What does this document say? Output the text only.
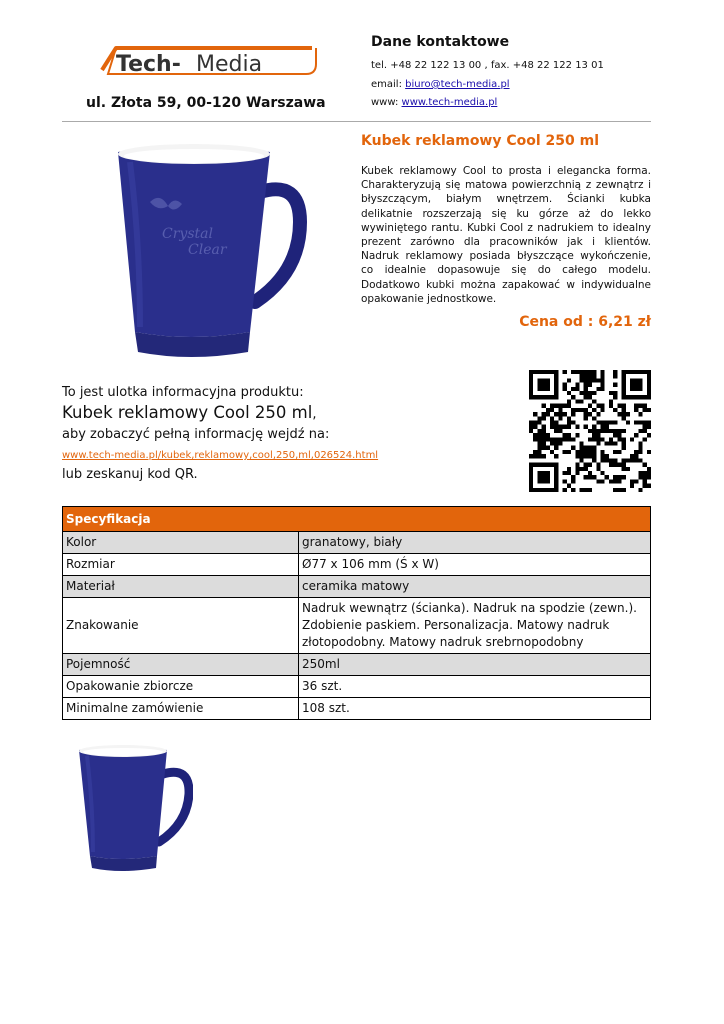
Tech- Media
ul. Złota 59, 00-120 Warszawa
Dane kontaktowe
tel. +48 22 122 13 00 , fax. +48 22 122 13 01
email: biuro@tech-media.pl
www: www.tech-media.pl
Crystal
Clear
Kubek reklamowy Cool 250 ml
Kubek reklamowy Cool to prosta i elegancka forma. Charakteryzują się matowa powierzchnią z zewnątrz i błyszczącym, białym wnętrzem. Ścianki kubka delikatnie rozszerzają się ku górze aż do lekko wywiniętego rantu. Kubki Cool z nadrukiem to idealny prezent zarówno dla pracowników jak i klientów. Nadruk reklamowy posiada błyszczące wykończenie, co idealnie dopasowuje się do całego modelu. Dodatkowo kubki można zapakować w indywidualne opakowanie jednostkowe.
Cena od : 6,21 zł
To jest ulotka informacyjna produktu:
Kubek reklamowy Cool 250 ml,
aby zobaczyć pełną informację wejdź na:
www.tech-media.pl/kubek,reklamowy,cool,250,ml,026524.html
lub zeskanuj kod QR.
Specyfikacja	
Kolor	granatowy, biały
Rozmiar	Ø77 x 106 mm (Ś x W)
Materiał	ceramika matowy
Znakowanie	Nadruk wewnątrz (ścianka). Nadruk na spodzie (zewn.). Zdobienie paskiem. Personalizacja. Matowy nadruk złotopodobny. Matowy nadruk srebrnopodobny
Pojemność	250ml
Opakowanie zbiorcze	36 szt.
Minimalne zamówienie	108 szt.
